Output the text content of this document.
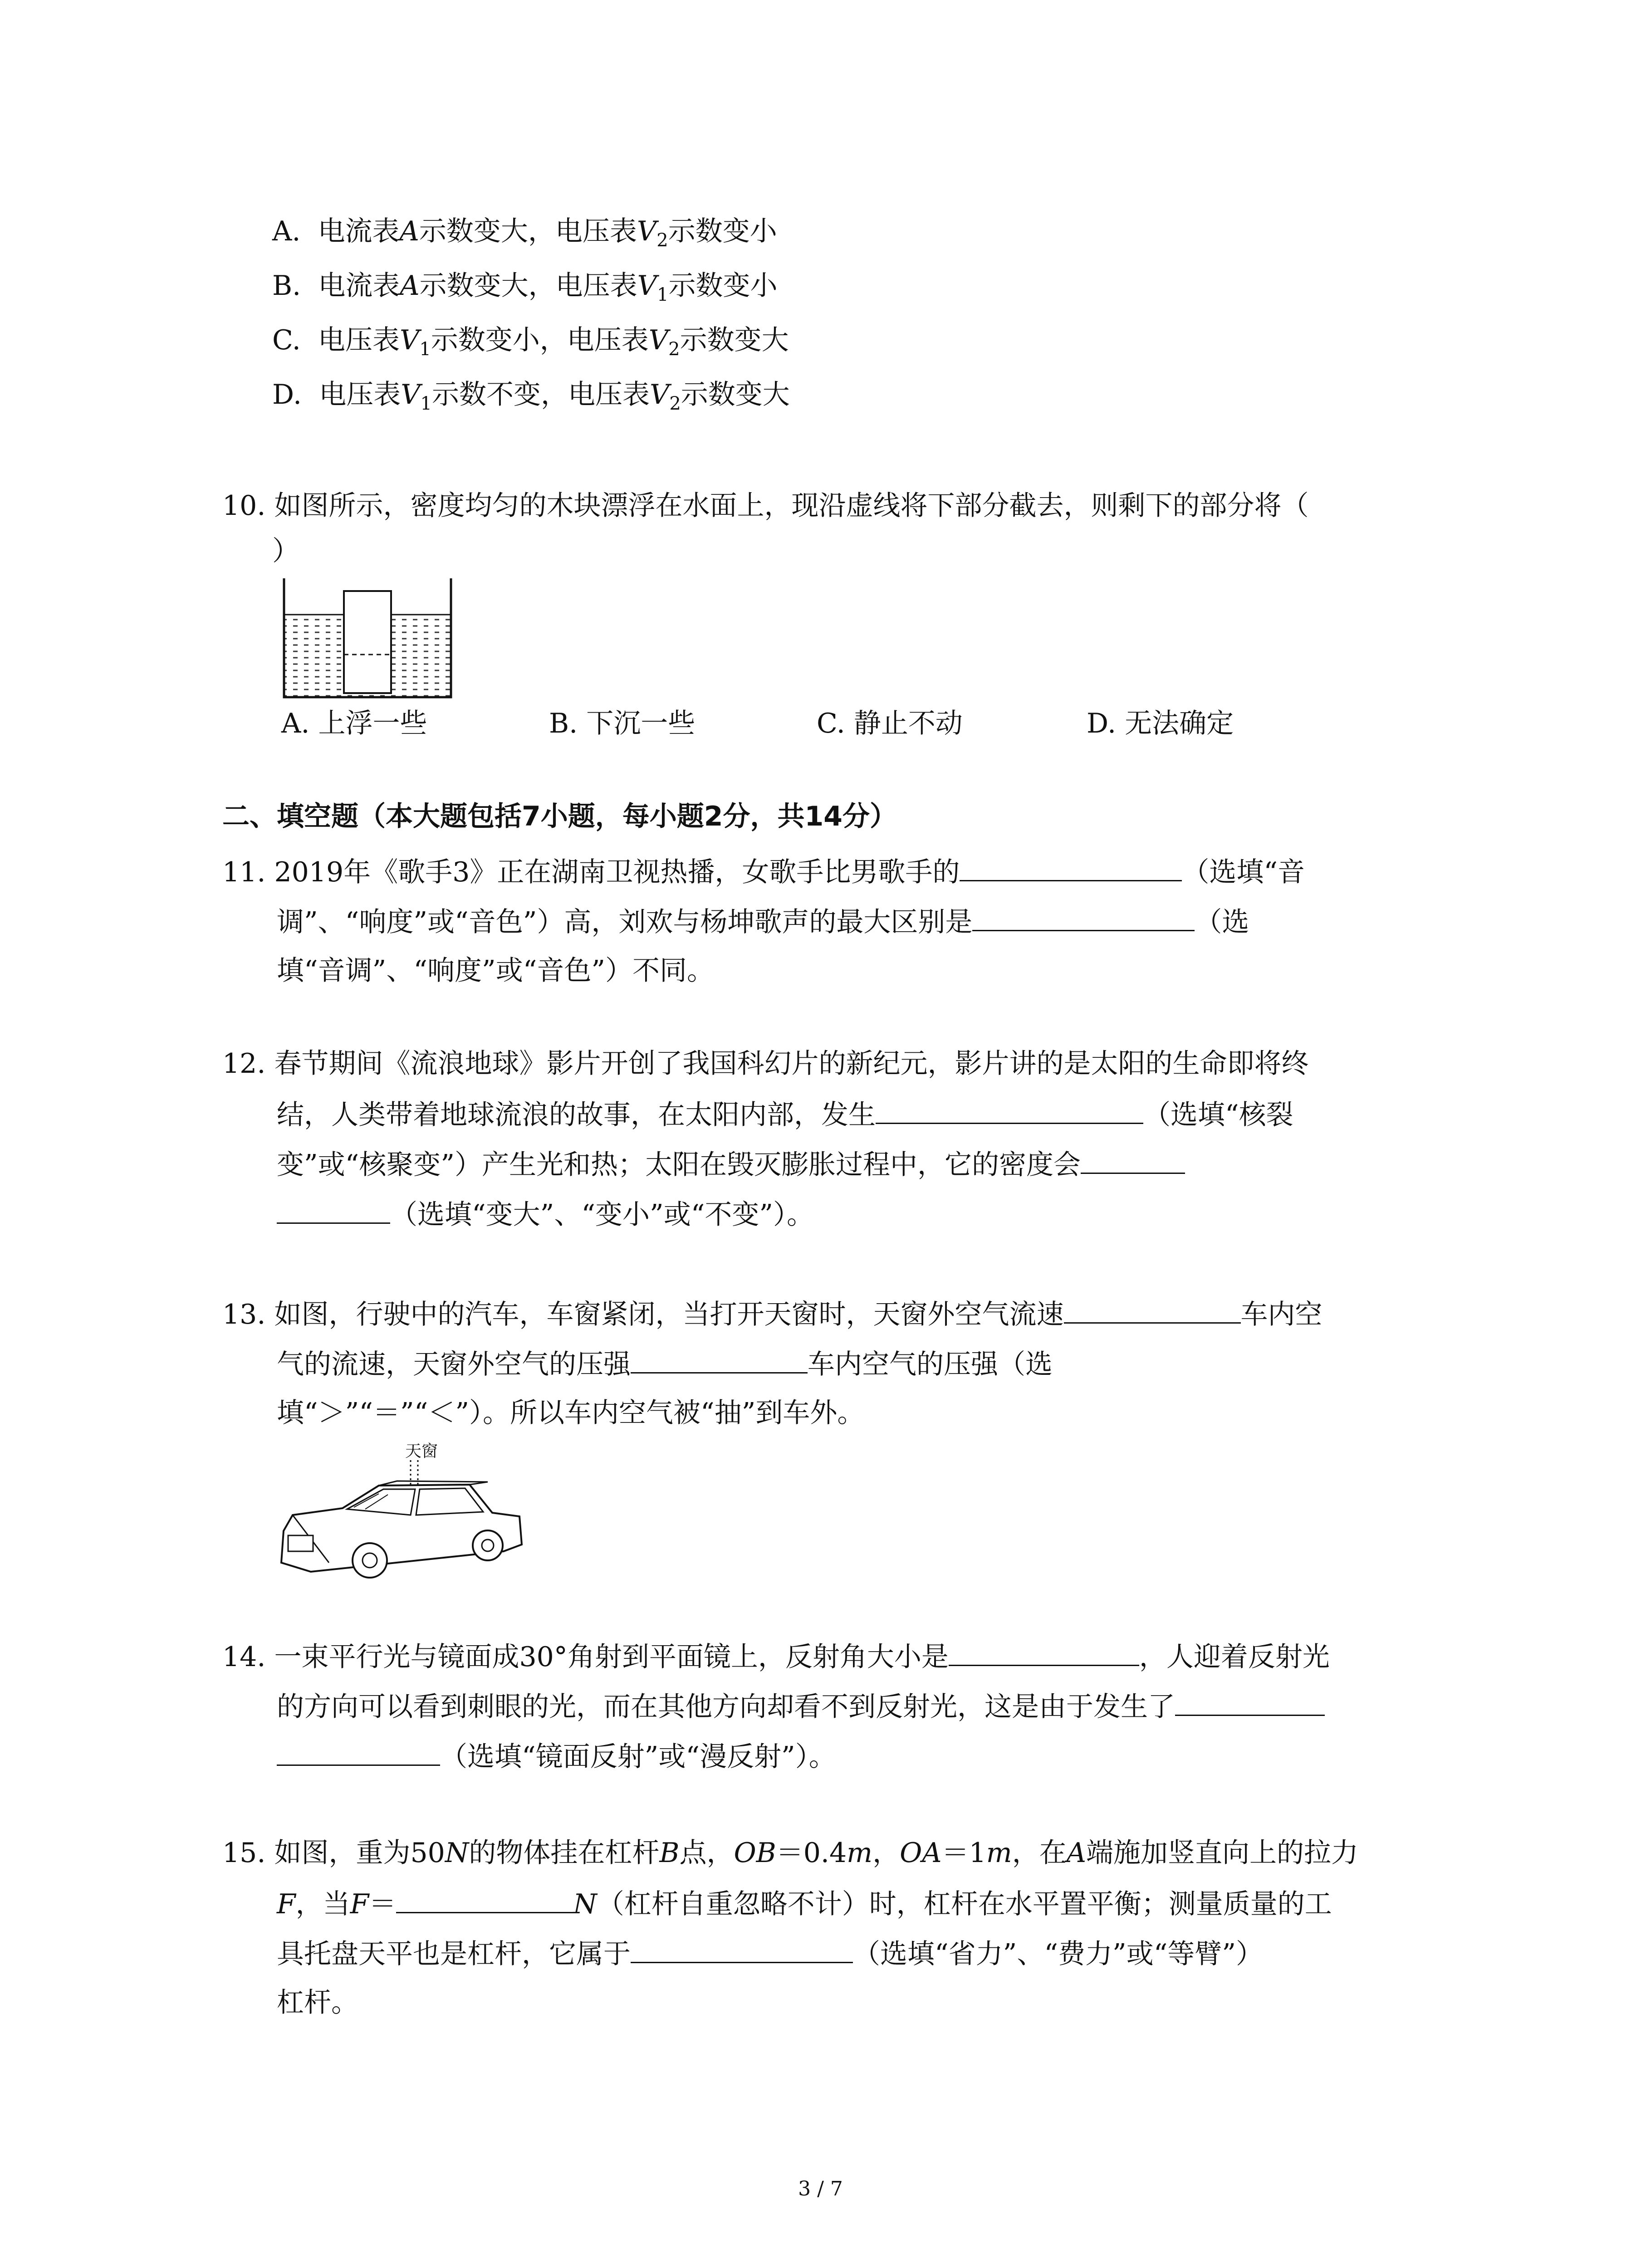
A. 电流表A示数变大，电压表$V_2$示数变小
B. 电流表A示数变大，电压表$V_1$示数变小
C. 电压表$V_1$示数变小，电压表$V_2$示数变大
D. 电压表$V_1$示数不变，电压表$V_2$示数变大
10. 如图所示，密度均匀的木块漂浮在水面上，现沿虚线将下部分截去，则剩下的部分将（
）
A. 上浮一些	B. 下沉一些	C. 静止不动	D. 无法确定
二、填空题（本大题包括7小题，每小题2分，共14分）
11. 2019年《歌手3》正在湖南卫视热播，女歌手比男歌手的	（选填“音
调”、“响度”或“音色”）高，刘欢与杨坤歌声的最大区别是	（选
填“音调”、“响度”或“音色”）不同。
12. 春节期间《流浪地球》影片开创了我国科幻片的新纪元，影片讲的是太阳的生命即将终
结，人类带着地球流浪的故事，在太阳内部，发生	（选填“核裂
变”或“核聚变”）产生光和热；太阳在毁灭膨胀过程中，它的密度会
（选填“变大”、“变小”或“不变”）。
13. 如图，行驶中的汽车，车窗紧闭，当打开天窗时，天窗外空气流速	车内空
气的流速，天窗外空气的压强	车内空气的压强（选
填“＞”“＝”“＜”）。所以车内空气被“抽”到车外。
天窗
14. 一束平行光与镜面成30°角射到平面镜上，反射角大小是	，人迎着反射光
的方向可以看到刺眼的光，而在其他方向却看不到反射光，这是由于发生了
（选填“镜面反射”或“漫反射”）。
15. 如图，重为50N的物体挂在杠杆B点，OB＝0.4m，OA＝1m，在A端施加竖直向上的拉力
F，当F＝	N（杠杆自重忽略不计）时，杠杆在水平置平衡；测量质量的工
具托盘天平也是杠杆，它属于	（选填“省力”、“费力”或“等臂”）
杠杆。
3 / 7
